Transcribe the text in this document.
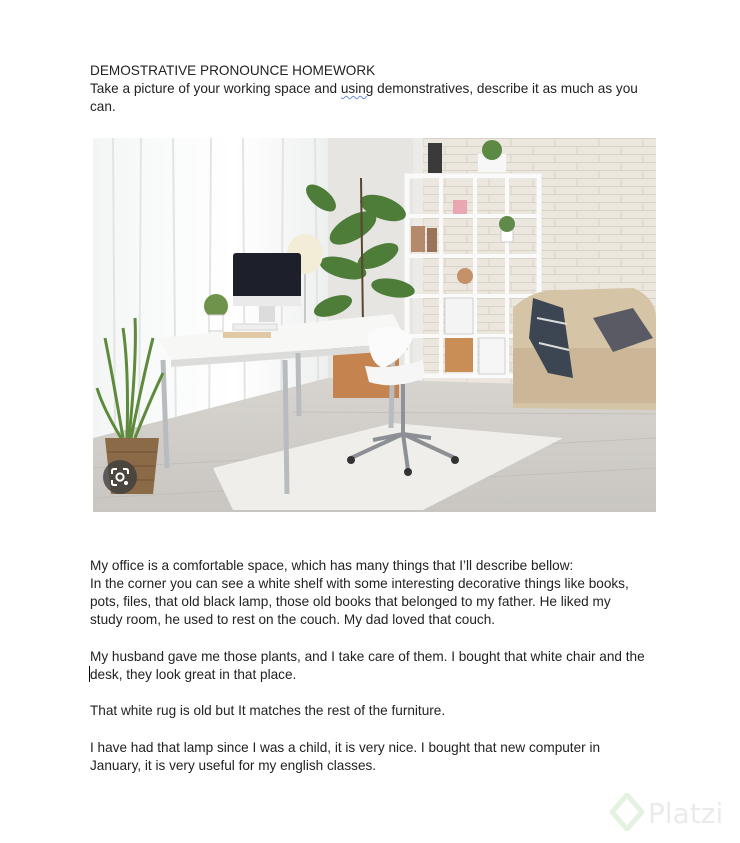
DEMOSTRATIVE PRONOUNCE HOMEWORK
Take a picture of your working space and using demonstratives, describe it as much as you
can.
My office is a comfortable space, which has many things that I’ll describe bellow:
In the corner you can see a white shelf with some interesting decorative things like books,
pots, files, that old black lamp, those old books that belonged to my father. He liked my
study room, he used to rest on the couch. My dad loved that couch.
My husband gave me those plants, and I take care of them. I bought that white chair and the
desk, they look great in that place.
That white rug is old but It matches the rest of the furniture.
I have had that lamp since I was a child, it is very nice. I bought that new computer in
January, it is very useful for my english classes.
Platzi
